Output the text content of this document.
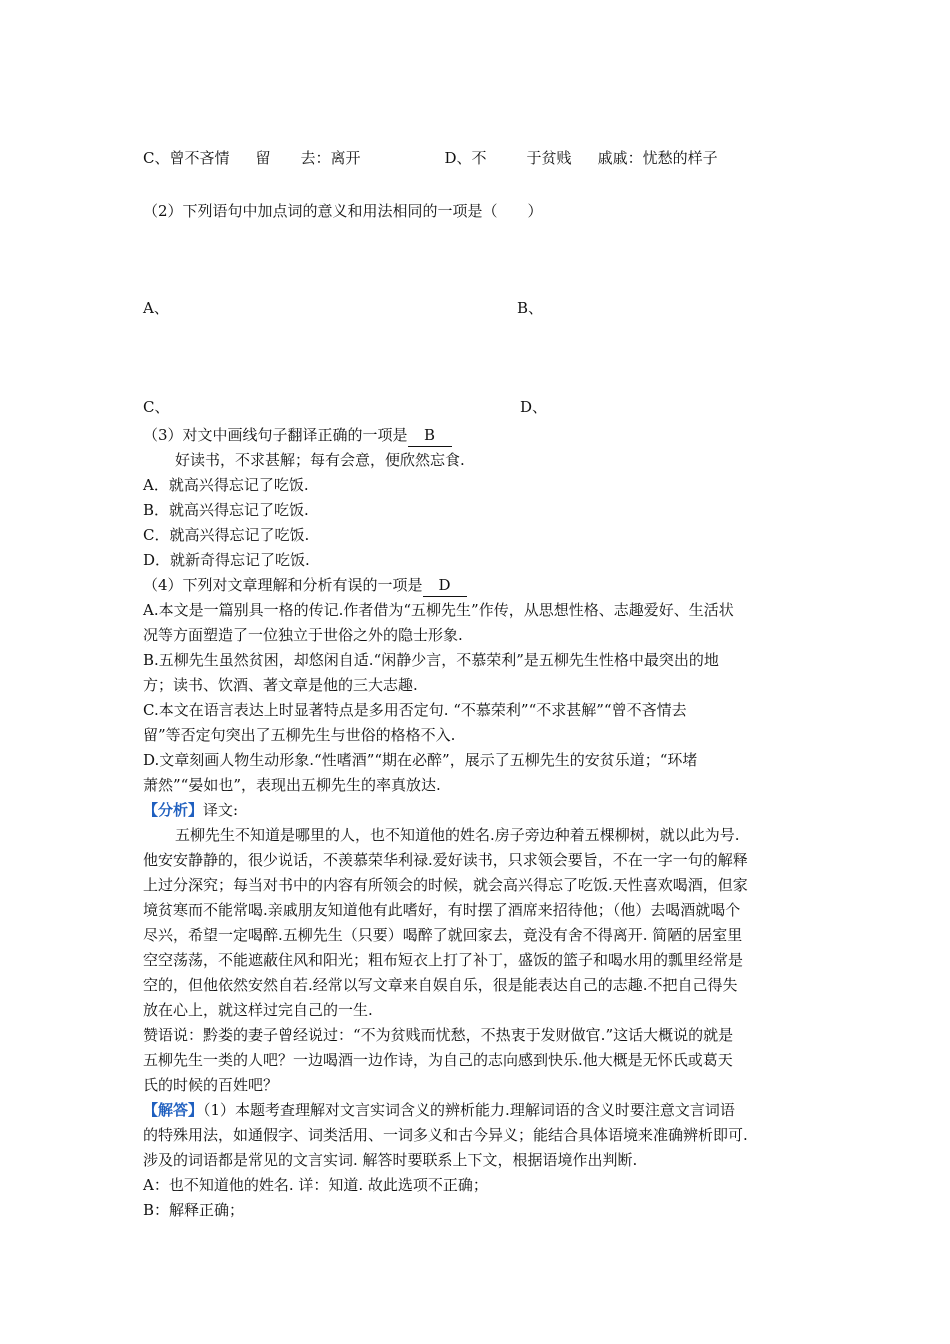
C、曾不吝情 留 去：离开	D、不	于贫贱 戚戚：忧愁的样子
（2）下列语句中加点词的意义和用法相同的一项是（　　）
A、	B、
C、	D、
（3）对文中画线句子翻译正确的一项是 B
好读书，不求甚解；每有会意，便欣然忘食.
A．就高兴得忘记了吃饭.
B．就高兴得忘记了吃饭.
C．就高兴得忘记了吃饭.
D．就新奇得忘记了吃饭.
（4）下列对文章理解和分析有误的一项是 D
A.本文是一篇别具一格的传记.作者借为“五柳先生”作传，从思想性格、志趣爱好、生活状
况等方面塑造了一位独立于世俗之外的隐士形象.
B.五柳先生虽然贫困，却悠闲自适.“闲静少言，不慕荣利”是五柳先生性格中最突出的地
方；读书、饮酒、著文章是他的三大志趣.
C.本文在语言表达上时显著特点是多用否定句. “不慕荣利”“不求甚解”“曾不吝情去
留”等否定句突出了五柳先生与世俗的格格不入.
D.文章刻画人物生动形象.“性嗜酒”“期在必醉”，展示了五柳先生的安贫乐道；“环堵
萧然”“晏如也”，表现出五柳先生的率真放达.
【分析】译文:
五柳先生不知道是哪里的人，也不知道他的姓名.房子旁边种着五棵柳树，就以此为号.
他安安静静的，很少说话，不羡慕荣华利禄.爱好读书，只求领会要旨，不在一字一句的解释
上过分深究；每当对书中的内容有所领会的时候，就会高兴得忘了吃饭.天性喜欢喝酒，但家
境贫寒而不能常喝.亲戚朋友知道他有此嗜好，有时摆了酒席来招待他；（他）去喝酒就喝个
尽兴，希望一定喝醉.五柳先生（只要）喝醉了就回家去，竟没有舍不得离开. 简陋的居室里
空空荡荡，不能遮蔽住风和阳光；粗布短衣上打了补丁，盛饭的篮子和喝水用的瓢里经常是
空的，但他依然安然自若.经常以写文章来自娱自乐，很是能表达自己的志趣.不把自己得失
放在心上，就这样过完自己的一生.
赞语说：黔娄的妻子曾经说过：“不为贫贱而忧愁，不热衷于发财做官.”这话大概说的就是
五柳先生一类的人吧？一边喝酒一边作诗，为自己的志向感到快乐.他大概是无怀氏或葛天
氏的时候的百姓吧？
【解答】（1）本题考查理解对文言实词含义的辨析能力.理解词语的含义时要注意文言词语
的特殊用法，如通假字、词类活用、一词多义和古今异义；能结合具体语境来准确辨析即可.
涉及的词语都是常见的文言实词. 解答时要联系上下文，根据语境作出判断.
A：也不知道他的姓名. 详：知道. 故此选项不正确；
B：解释正确；
